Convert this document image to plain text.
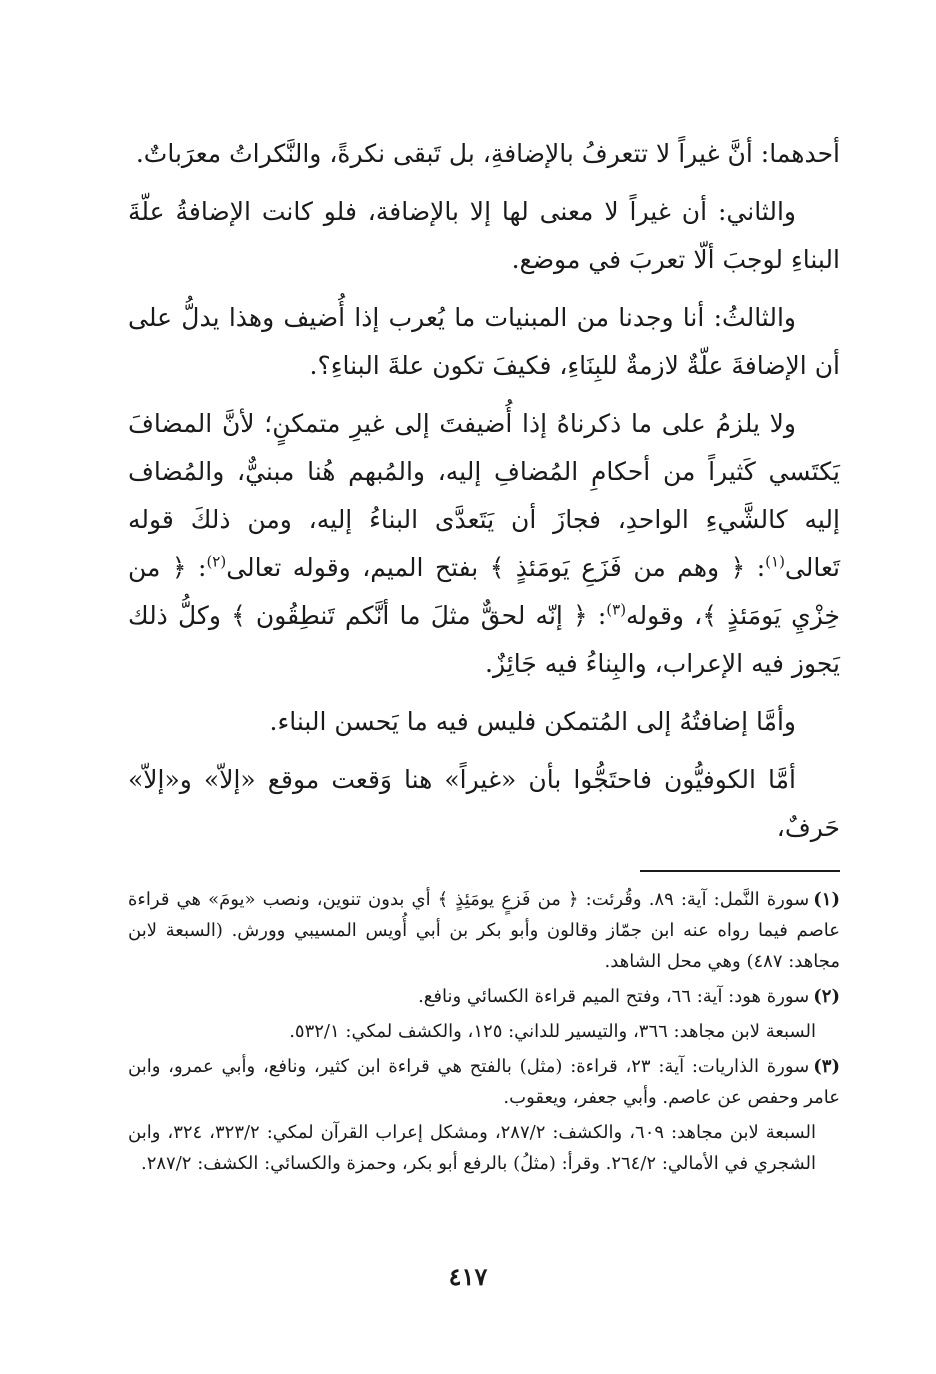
أحدهما: أنَّ غيراً لا تتعرفُ بالإضافةِ، بل تَبقى نكرةً، والنَّكراتُ معرَباتٌ.

والثاني: أن غيراً لا معنى لها إلا بالإضافة، فلو كانت الإضافةُ علّةَ البناءِ لوجبَ ألّا تعربَ في موضع.

والثالثُ: أنا وجدنا من المبنيات ما يُعرب إذا أُضيف وهذا يدلُّ على أن الإضافةَ علّةٌ لازمةٌ للبِنَاءِ، فكيفَ تكون علةَ البناءِ؟.

ولا يلزمُ على ما ذكرناهُ إذا أُضيفتَ إلى غيرِ متمكنٍ؛ لأنَّ المضافَ يَكتَسي كَثيراً من أحكامِ المُضافِ إليه، والمُبهم هُنا مبنيٌّ، والمُضاف إليه كالشَّيءِ الواحدِ، فجازَ أن يَتَعدَّى البناءُ إليه، ومن ذلكَ قوله تَعالى$^{(١)}$: ﴿ وهم من فَزَعِ يَومَئذٍ ﴾ بفتح الميم، وقوله تعالى$^{(٢)}$: ﴿ من خِزْيِ يَومَئذٍ ﴾، وقوله$^{(٣)}$: ﴿ إنّه لحقٌّ مثلَ ما أنَّكم تَنطِقُون ﴾ وكلُّ ذلك يَجوز فيه الإعراب، والبِناءُ فيه جَائِزٌ.

وأمَّا إضافتُهُ إلى المُتمكن فليس فيه ما يَحسن البناء.

أمَّا الكوفيُّون فاحتَجُّوا بأن «غيراً» هنا وَقعت موقع «إلاّ» و«إلاّ» حَرفٌ،

(١)سورة النَّمل: آية: ٨٩. وقُرئت: ﴿ من فَزعٍ يومَئِذٍ ﴾ أي بدون تنوين، ونصب «يومَ» هي قراءة عاصم فيما رواه عنه ابن جمّاز وقالون وأبو بكر بن أبي أُويس المسيبي وورش. (السبعة لابن مجاهد: ٤٨٧) وهي محل الشاهد.

(٢)سورة هود: آية: ٦٦، وفتح الميم قراءة الكسائي ونافع.

السبعة لابن مجاهد: ٣٦٦، والتيسير للداني: ١٢٥، والكشف لمكي: ٥٣٢/١.

(٣)سورة الذاريات: آية: ٢٣، قراءة: (مثل) بالفتح هي قراءة ابن كثير، ونافع، وأبي عمرو، وابن عامر وحفص عن عاصم. وأبي جعفر، ويعقوب.

السبعة لابن مجاهد: ٦٠٩، والكشف: ٢٨٧/٢، ومشكل إعراب القرآن لمكي: ٣٢٣/٢، ٣٢٤، وابن الشجري في الأمالي: ٢٦٤/٢. وقرأ: (مثلُ) بالرفع أبو بكر، وحمزة والكسائي: الكشف: ٢٨٧/٢.

٤١٧
